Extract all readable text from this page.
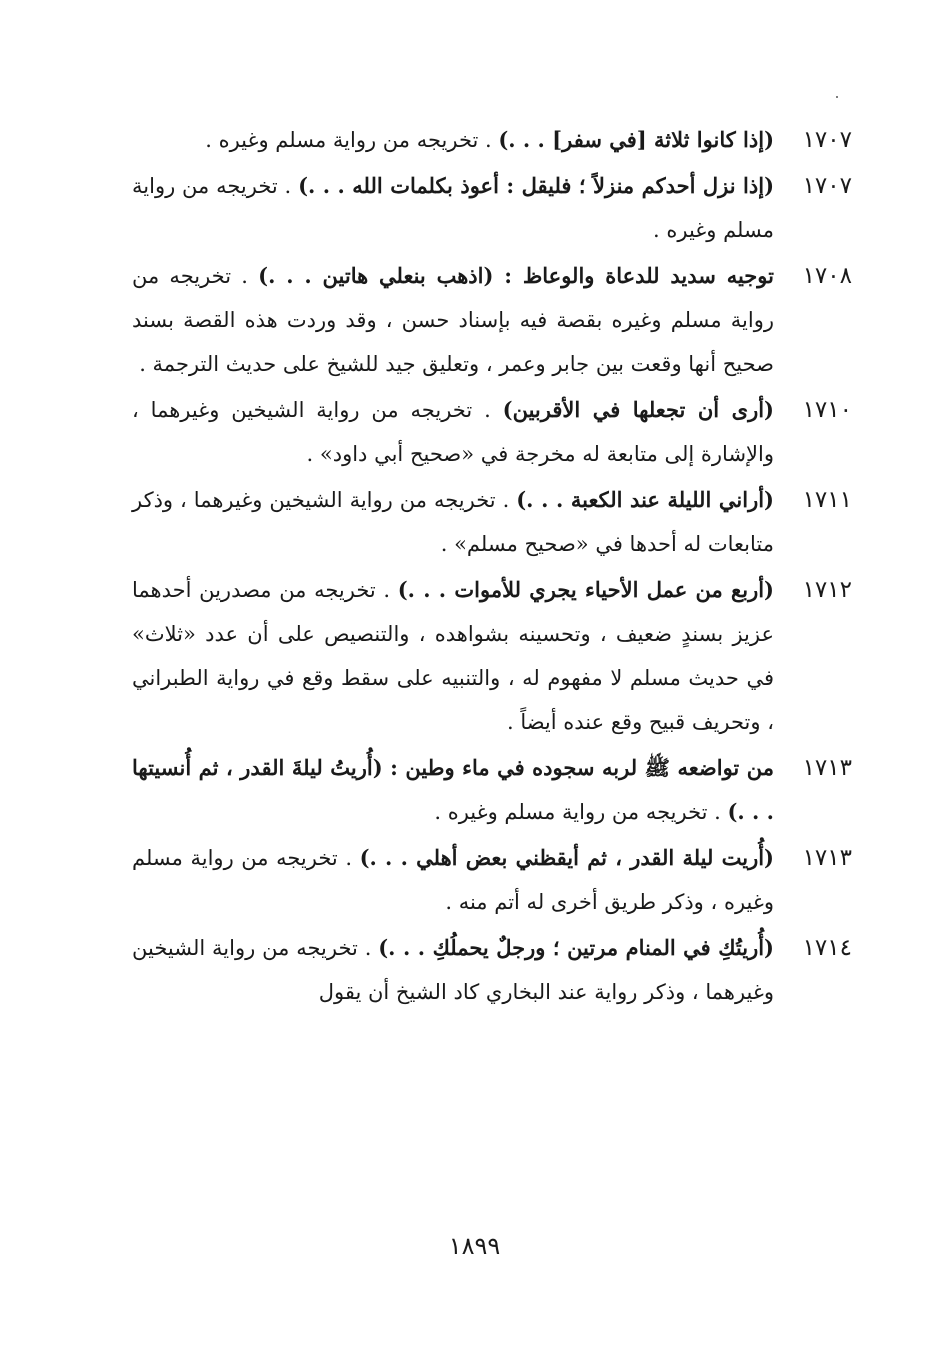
١٧٠٧
(إذا كانوا ثلاثة [في سفر] . . .) . تخريجه من رواية مسلم وغيره .
١٧٠٧
(إذا نزل أحدكم منزلاً ؛ فليقل : أعوذ بكلمات الله . . .) . تخريجه من رواية مسلم وغيره .
١٧٠٨
توجيه سديد للدعاة والوعاظ : (اذهب بنعلي هاتين . . .) . تخريجه من رواية مسلم وغيره بقصة فيه بإسناد حسن ، وقد وردت هذه القصة بسند صحيح أنها وقعت بين جابر وعمر ، وتعليق جيد للشيخ على حديث الترجمة .
١٧١٠
(أرى أن تجعلها في الأقربين) . تخريجه من رواية الشيخين وغيرهما ، والإشارة إلى متابعة له مخرجة في «صحيح أبي داود» .
١٧١١
(أراني الليلة عند الكعبة . . .) . تخريجه من رواية الشيخين وغيرهما ، وذكر متابعات له أحدها في «صحيح مسلم» .
١٧١٢
(أربع من عمل الأحياء يجري للأموات . . .) . تخريجه من مصدرين أحدهما عزيز بسندٍ ضعيف ، وتحسينه بشواهده ، والتنصيص على أن عدد «ثلاث» في حديث مسلم لا مفهوم له ، والتنبيه على سقط وقع في رواية الطبراني ، وتحريف قبيح وقع عنده أيضاً .
١٧١٣
من تواضعه ﷺ لربه سجوده في ماء وطين : (أُريتُ ليلةَ القدر ، ثم أُنسيتها . . .) . تخريجه من رواية مسلم وغيره .
١٧١٣
(أُريت ليلة القدر ، ثم أيقظني بعض أهلي . . .) . تخريجه من رواية مسلم وغيره ، وذكر طريق أخرى له أتم منه .
١٧١٤
(أُريتُكِ في المنام مرتين ؛ ورجلٌ يحملُكِ . . .) . تخريجه من رواية الشيخين وغيرهما ، وذكر رواية عند البخاري كاد الشيخ أن يقول
١٨٩٩
